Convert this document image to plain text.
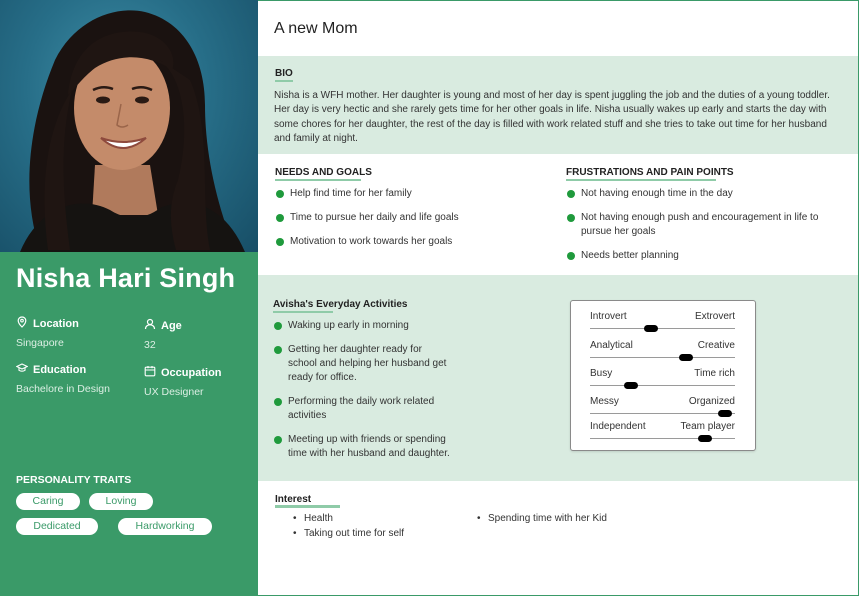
Nisha Hari Singh
Location
Singapore
Age
32
Education
Bachelore in Design
Occupation
UX Designer
PERSONALITY TRAITS
Caring	Loving
Dedicated	Hardworking
A new Mom
BIO
Nisha is a WFH mother. Her daughter is young and most of her day is spent juggling the job and the duties of a young toddler. Her day is very hectic and she rarely gets time for her other goals in life. Nisha usually wakes up early and starts the day with some chores for her daughter, the rest of the day is filled with work related stuff and she tries to take out time for her husband and family at night.
NEEDS AND GOALS
Help find time for her family
Time to pursue her daily and life goals
Motivation to work towards her goals
FRUSTRATIONS AND PAIN POINTS
Not having enough time in the day
Not having enough push and encouragement in life to pursue her goals
Needs better planning
Avisha's Everyday Activities
Waking up early in morning
Getting her daughter ready for school and helping her husband get ready for office.
Performing the daily work related activities
Meeting up with friends or spending time with her husband and daughter.
Introvert	Extrovert
Analytical	Creative
Busy	Time rich
Messy	Organized
Independent	Team player
Interest
• Health
• Taking out time for self
• Spending time with her Kid
